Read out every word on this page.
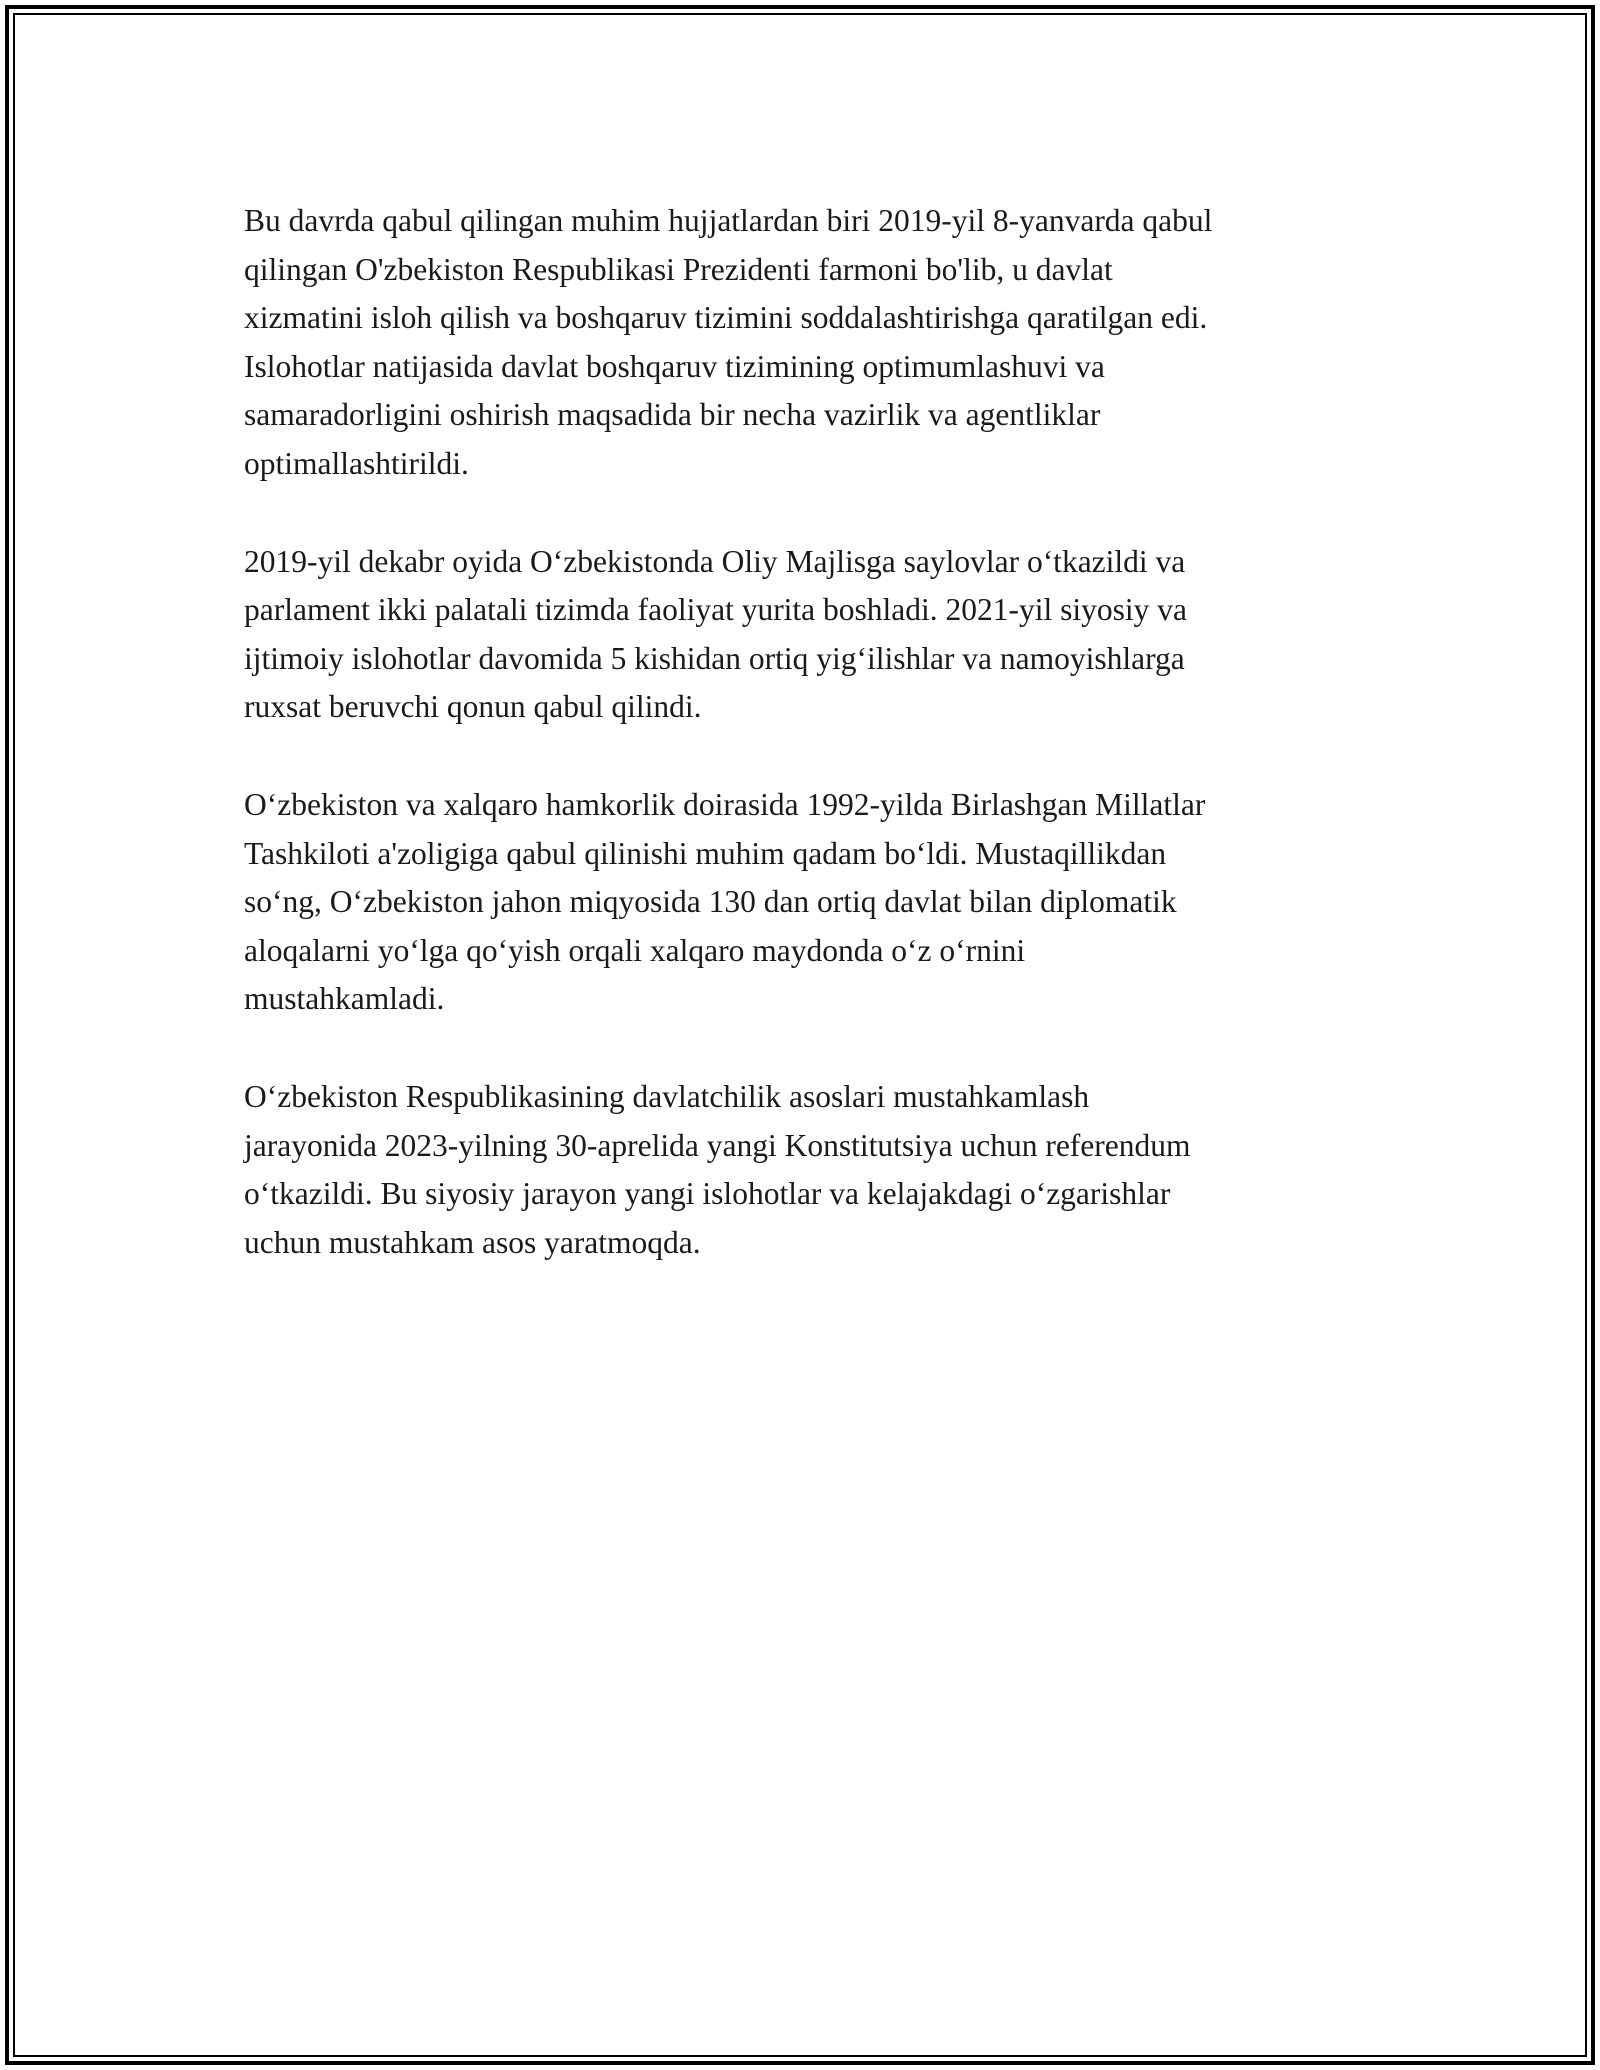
Bu davrda qabul qilingan muhim hujjatlardan biri 2019-yil 8-yanvarda qabul
qilingan O'zbekiston Respublikasi Prezidenti farmoni bo'lib, u davlat
xizmatini isloh qilish va boshqaruv tizimini soddalashtirishga qaratilgan edi.
Islohotlar natijasida davlat boshqaruv tizimining optimumlashuvi va
samaradorligini oshirish maqsadida bir necha vazirlik va agentliklar
optimallashtirildi.

2019-yil dekabr oyida O‘zbekistonda Oliy Majlisga saylovlar o‘tkazildi va
parlament ikki palatali tizimda faoliyat yurita boshladi. 2021-yil siyosiy va
ijtimoiy islohotlar davomida 5 kishidan ortiq yig‘ilishlar va namoyishlarga
ruxsat beruvchi qonun qabul qilindi.

O‘zbekiston va xalqaro hamkorlik doirasida 1992-yilda Birlashgan Millatlar
Tashkiloti a'zoligiga qabul qilinishi muhim qadam bo‘ldi. Mustaqillikdan
so‘ng, O‘zbekiston jahon miqyosida 130 dan ortiq davlat bilan diplomatik
aloqalarni yo‘lga qo‘yish orqali xalqaro maydonda o‘z o‘rnini
mustahkamladi.

O‘zbekiston Respublikasining davlatchilik asoslari mustahkamlash
jarayonida 2023-yilning 30-aprelida yangi Konstitutsiya uchun referendum
o‘tkazildi. Bu siyosiy jarayon yangi islohotlar va kelajakdagi o‘zgarishlar
uchun mustahkam asos yaratmoqda.
